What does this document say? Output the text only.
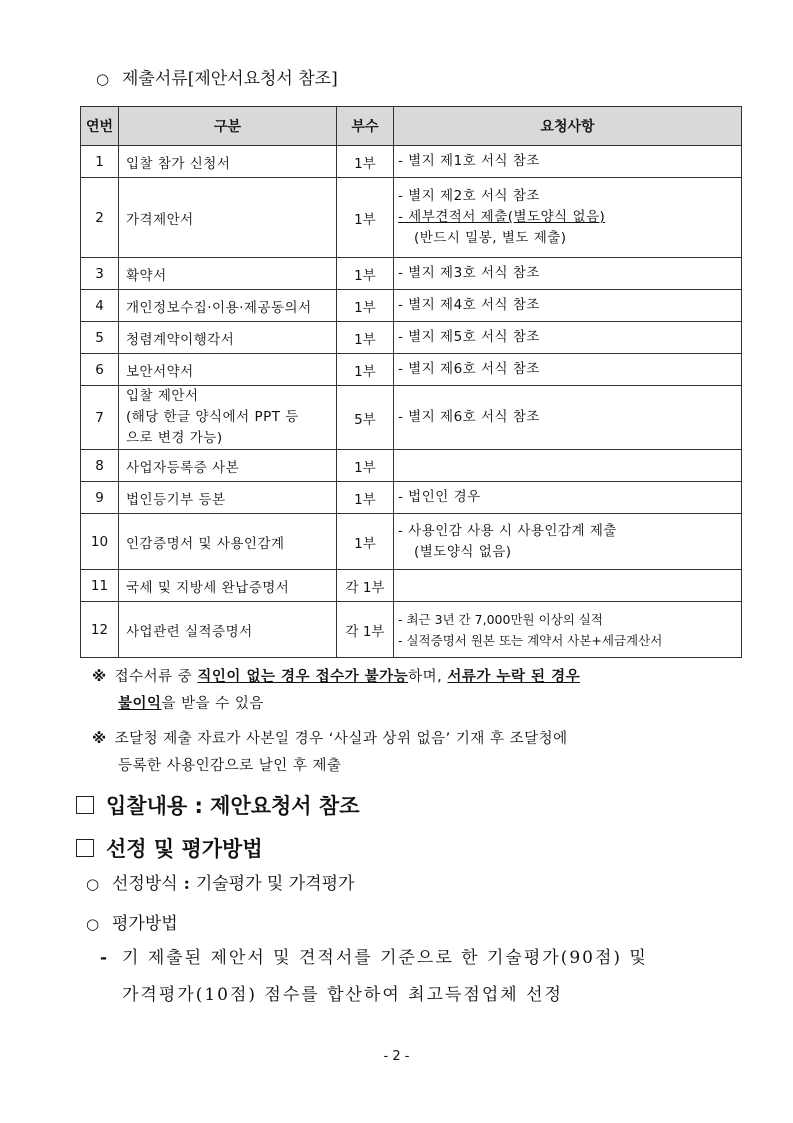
○ 제출서류[제안서요청서 참조]
연번	구분	부수	요청사항
1	입찰 참가 신청서	1부	- 별지 제1호 서식 참조

2	가격제안서	1부	- 별지 제2호 서식 참조
- 세부견적서 제출(별도양식 없음)
(반드시 밀봉, 별도 제출)

3	확약서	1부	- 별지 제3호 서식 참조

4	개인정보수집·이용·제공동의서	1부	- 별지 제4호 서식 참조

5	청렴계약이행각서	1부	- 별지 제5호 서식 참조

6	보안서약서	1부	- 별지 제6호 서식 참조

7	입찰 제안서
(해당 한글 양식에서 PPT 등
으로 변경 가능)	5부	- 별지 제6호 서식 참조

8	사업자등록증 사본	1부	
9	법인등기부 등본	1부	- 법인인 경우

10	인감증명서 및 사용인감계	1부	- 사용인감 사용 시 사용인감계 제출
(별도양식 없음)

11	국세 및 지방세 완납증명서	각 1부	
12	사업관련 실적증명서	각 1부	- 최근 3년 간 7,000만원 이상의 실적
- 실적증명서 원본 또는 계약서 사본+세금계산서
※ 접수서류 중 직인이 없는 경우 접수가 불가능하며, 서류가 누락 된 경우
불이익을 받을 수 있음
※ 조달청 제출 자료가 사본일 경우 ‘사실과 상위 없음’ 기재 후 조달청에
등록한 사용인감으로 날인 후 제출
입찰내용 : 제안요청서 참조
선정 및 평가방법
○ 선정방식 : 기술평가 및 가격평가
○ 평가방법
- 기 제출된 제안서 및 견적서를 기준으로 한 기술평가(90점) 및
가격평가(10점) 점수를 합산하여 최고득점업체 선정
- 2 -
